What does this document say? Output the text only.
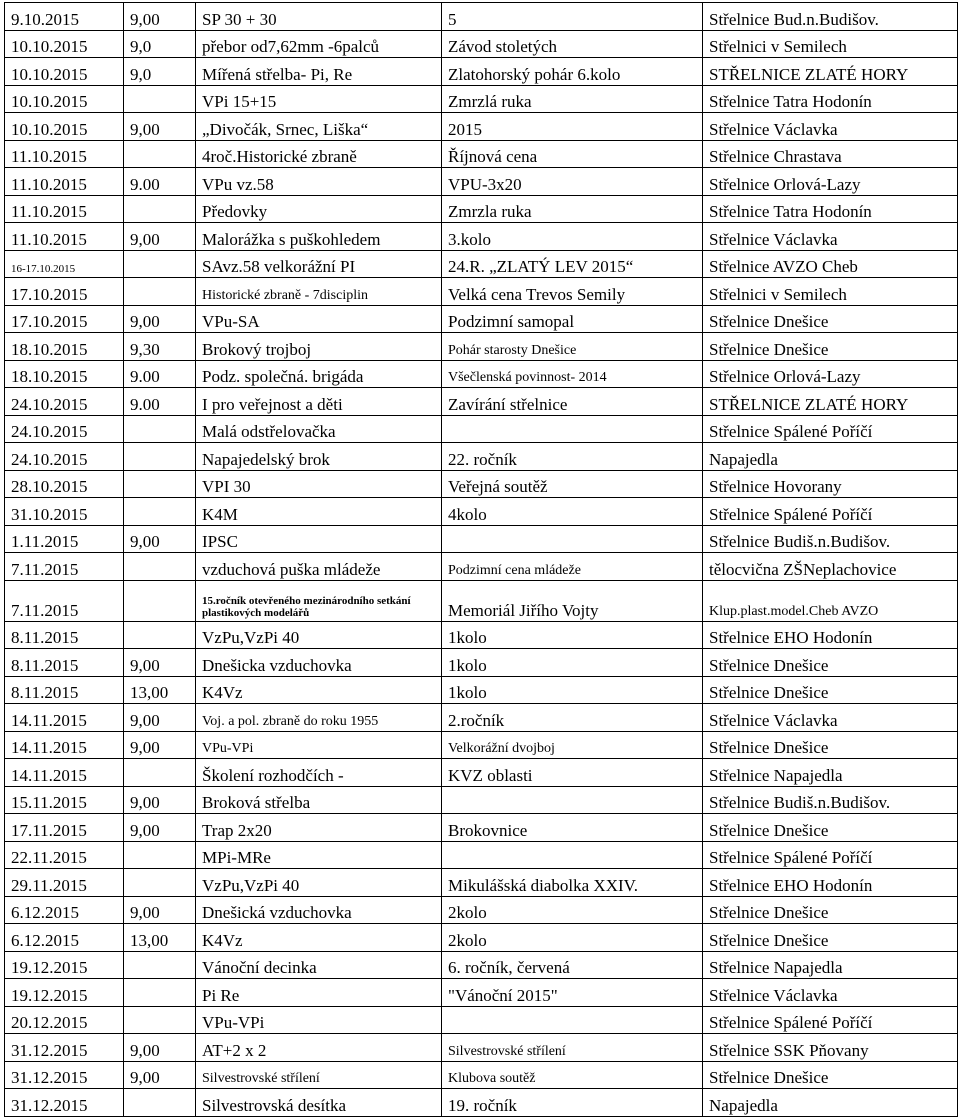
9.10.2015	9,00	SP 30 + 30	5	Střelnice Bud.n.Budišov.
10.10.2015	9,0	přebor od7,62mm -6palců	Závod stoletých	Střelnici v Semilech
10.10.2015	9,0	Mířená střelba- Pi, Re	Zlatohorský pohár 6.kolo	STŘELNICE ZLATÉ HORY
10.10.2015		VPi 15+15	Zmrzlá ruka	Střelnice Tatra Hodonín
10.10.2015	9,00	„Divočák, Srnec, Liška“	2015	Střelnice Václavka
11.10.2015		4roč.Historické zbraně	Říjnová cena	Střelnice Chrastava
11.10.2015	9.00	VPu vz.58	VPU-3x20	Střelnice Orlová-Lazy
11.10.2015		Předovky	Zmrzla ruka	Střelnice Tatra Hodonín
11.10.2015	9,00	Malorážka s puškohledem	3.kolo	Střelnice Václavka
16-17.10.2015		SAvz.58 velkorážní PI	24.R. „ZLATÝ LEV 2015“	Střelnice AVZO Cheb
17.10.2015		Historické zbraně - 7disciplin	Velká cena Trevos Semily	Střelnici v Semilech
17.10.2015	9,00	VPu-SA	Podzimní samopal	Střelnice Dnešice
18.10.2015	9,30	Brokový trojboj	Pohár starosty Dnešice	Střelnice Dnešice
18.10.2015	9.00	Podz. společná. brigáda	Všečlenská povinnost- 2014	Střelnice Orlová-Lazy
24.10.2015	9.00	I pro veřejnost a děti	Zavírání střelnice	STŘELNICE ZLATÉ HORY
24.10.2015		Malá odstřelovačka		Střelnice Spálené Poříčí
24.10.2015		Napajedelský brok	22. ročník	Napajedla
28.10.2015		VPI 30	Veřejná soutěž	Střelnice Hovorany
31.10.2015		K4M	4kolo	Střelnice Spálené Poříčí
1.11.2015	9,00	IPSC		Střelnice Budiš.n.Budišov.
7.11.2015		vzduchová puška mládeže	Podzimní cena mládeže	tělocvična ZŠNeplachovice
7.11.2015		15.ročník otevřeného mezinárodního setkání plastikových modelářů	Memoriál Jiřího Vojty	Klup.plast.model.Cheb AVZO
8.11.2015		VzPu,VzPi 40	1kolo	Střelnice EHO Hodonín
8.11.2015	9,00	Dnešicka vzduchovka	1kolo	Střelnice Dnešice
8.11.2015	13,00	K4Vz	1kolo	Střelnice Dnešice
14.11.2015	9,00	Voj. a pol. zbraně do roku 1955	2.ročník	Střelnice Václavka
14.11.2015	9,00	VPu-VPi	Velkorážní dvojboj	Střelnice Dnešice
14.11.2015		Školení rozhodčích -	KVZ oblasti	Střelnice Napajedla
15.11.2015	9,00	Broková střelba		Střelnice Budiš.n.Budišov.
17.11.2015	9,00	Trap 2x20	Brokovnice	Střelnice Dnešice
22.11.2015		MPi-MRe		Střelnice Spálené Poříčí
29.11.2015		VzPu,VzPi 40	Mikulášská diabolka XXIV.	Střelnice EHO Hodonín
6.12.2015	9,00	Dnešická vzduchovka	2kolo	Střelnice Dnešice
6.12.2015	13,00	K4Vz	2kolo	Střelnice Dnešice
19.12.2015		Vánoční decinka	6. ročník, červená	Střelnice Napajedla
19.12.2015		Pi Re	"Vánoční 2015"	Střelnice Václavka
20.12.2015		VPu-VPi		Střelnice Spálené Poříčí
31.12.2015	9,00	AT+2 x 2	Silvestrovské střílení	Střelnice SSK Pňovany
31.12.2015	9,00	Silvestrovské střílení	Klubova soutěž	Střelnice Dnešice
31.12.2015		Silvestrovská desítka	19. ročník	Napajedla
